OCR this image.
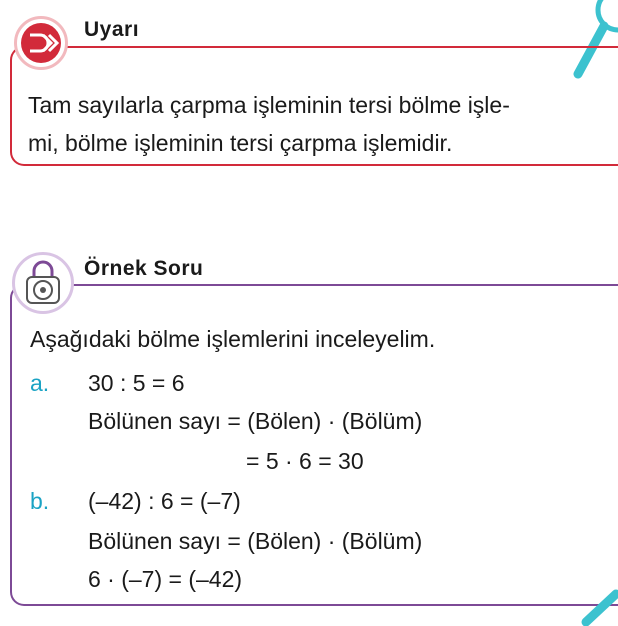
Uyarı
Tam sayılarla çarpma işleminin tersi bölme işle-
mi, bölme işleminin tersi çarpma işlemidir.
Örnek Soru
Aşağıdaki bölme işlemlerini inceleyelim.
a. 30 : 5 = 6
Bölünen sayı = (Bölen) · (Bölüm)
= 5 · 6 = 30
b. (–42) : 6 = (–7)
Bölünen sayı = (Bölen) · (Bölüm)
6 · (–7) = (–42)
